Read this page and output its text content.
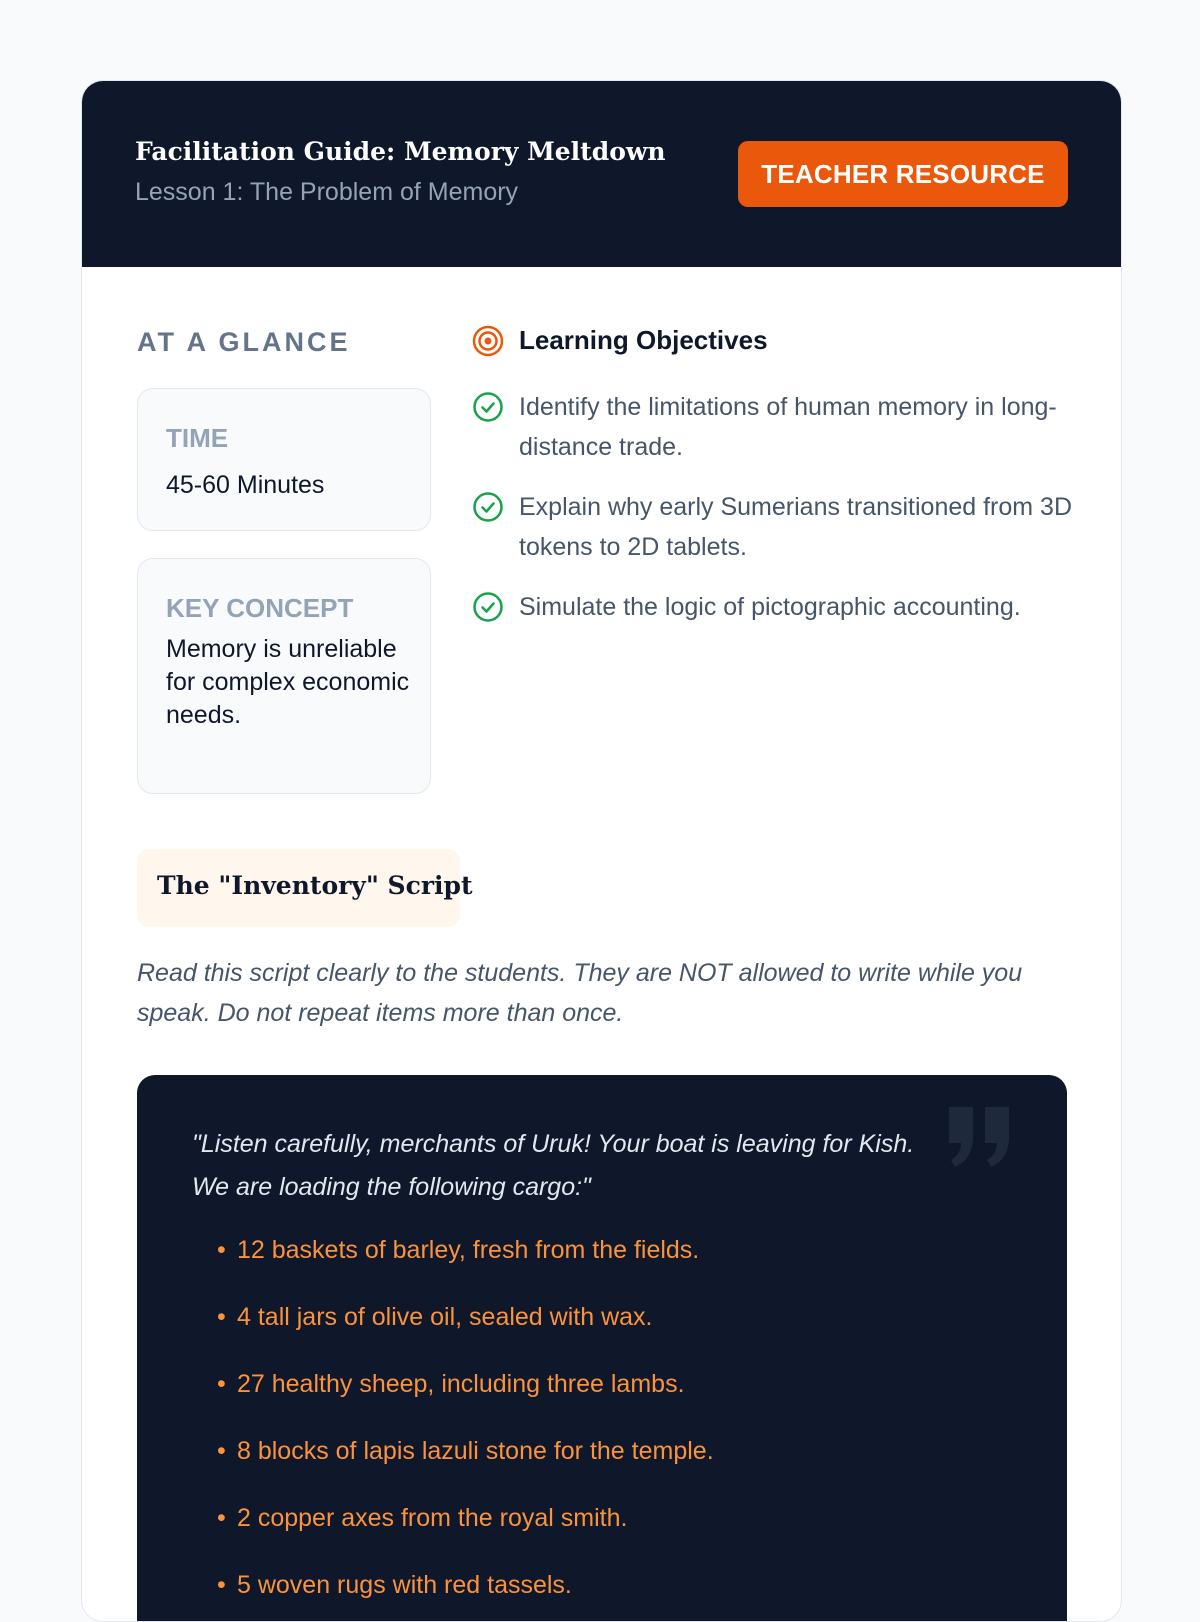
Facilitation Guide: Memory Meltdown
Lesson 1: The Problem of Memory
TEACHER RESOURCE
AT A GLANCE
TIME
45-60 Minutes
KEY CONCEPT
Memory is unreliable for complex economic needs.
Learning Objectives
Identify the limitations of human memory in long-distance trade.
Explain why early Sumerians transitioned from 3D tokens to 2D tablets.
Simulate the logic of pictographic accounting.
The "Inventory" Script
Read this script clearly to the students. They are NOT allowed to write while you speak. Do not repeat items more than once.
"Listen carefully, merchants of Uruk! Your boat is leaving for Kish. We are loading the following cargo:"
• 12 baskets of barley, fresh from the fields.
• 4 tall jars of olive oil, sealed with wax.
• 27 healthy sheep, including three lambs.
• 8 blocks of lapis lazuli stone for the temple.
• 2 copper axes from the royal smith.
• 5 woven rugs with red tassels.
